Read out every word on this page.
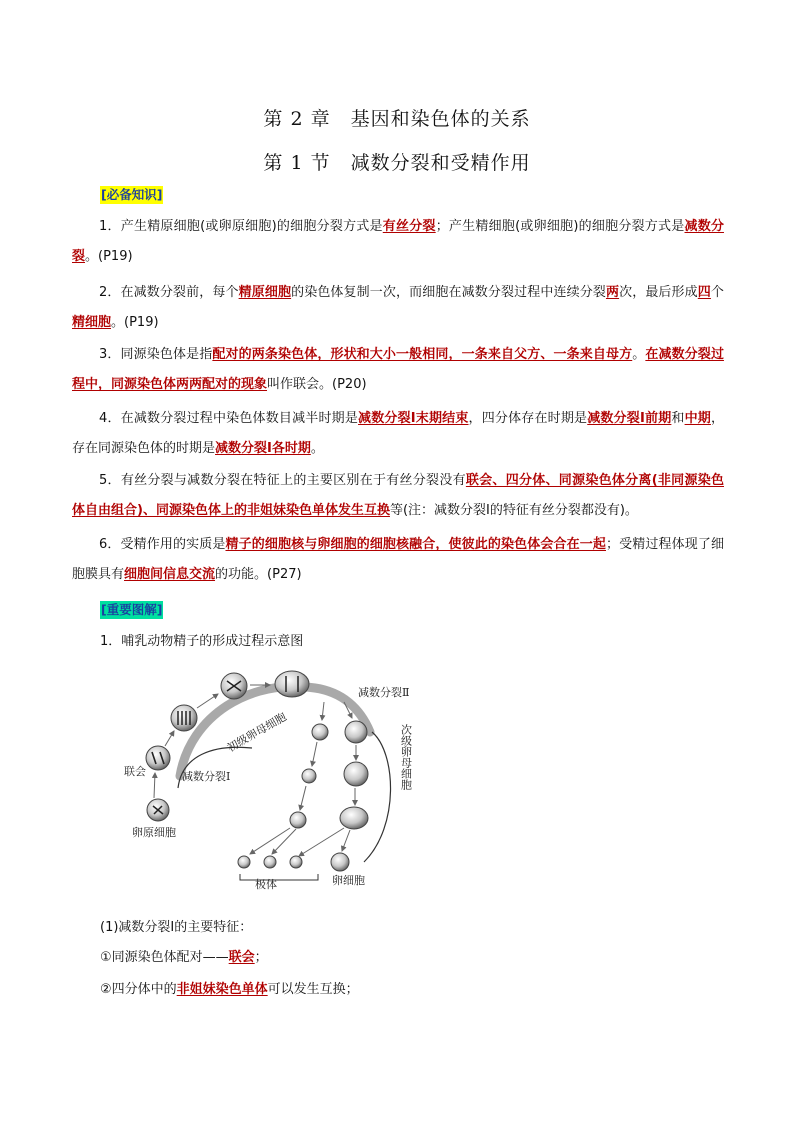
第 2 章　基因和染色体的关系
第 1 节　减数分裂和受精作用
[必备知识]
1．产生精原细胞(或卵原细胞)的细胞分裂方式是有丝分裂；产生精细胞(或卵细胞)的细胞分裂方式是减数分裂。(P19)
2．在减数分裂前，每个精原细胞的染色体复制一次，而细胞在减数分裂过程中连续分裂两次，最后形成四个精细胞。(P19)
3．同源染色体是指配对的两条染色体，形状和大小一般相同，一条来自父方、一条来自母方。在减数分裂过程中，同源染色体两两配对的现象叫作联会。(P20)
4．在减数分裂过程中染色体数目减半时期是减数分裂Ⅰ末期结束，四分体存在时期是减数分裂Ⅰ前期和中期，存在同源染色体的时期是减数分裂Ⅰ各时期。
5．有丝分裂与减数分裂在特征上的主要区别在于有丝分裂没有联会、四分体、同源染色体分离(非同源染色体自由组合)、同源染色体上的非姐妹染色单体发生互换等(注：减数分裂Ⅰ的特征有丝分裂都没有)。
6．受精作用的实质是精子的细胞核与卵细胞的细胞核融合，使彼此的染色体会合在一起；受精过程体现了细胞膜具有细胞间信息交流的功能。(P27)
[重要图解]
1．哺乳动物精子的形成过程示意图
初级卵母细胞
减数分裂Ⅱ
次级卵母细胞
联会	减数分裂Ⅰ
卵原细胞
极体	卵细胞
(1)减数分裂Ⅰ的主要特征：
①同源染色体配对——联会；
②四分体中的非姐妹染色单体可以发生互换；
